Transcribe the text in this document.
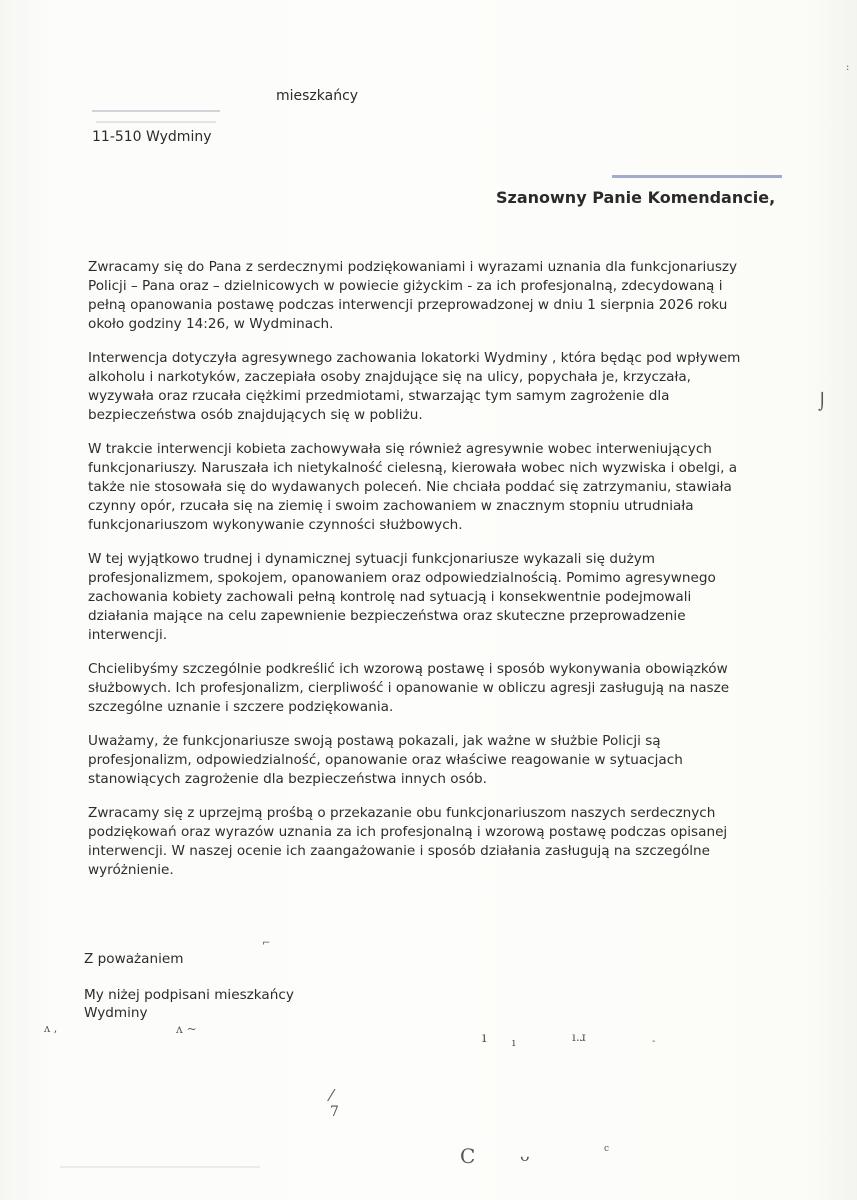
mieszkańcy
11-510 Wydminy
Szanowny Panie Komendancie,

Zwracamy się do Pana z serdecznymi podziękowaniami i wyrazami uznania dla funkcjonariuszy Policji – Pana oraz – dzielnicowych w powiecie giżyckim - za ich profesjonalną, zdecydowaną i pełną opanowania postawę podczas interwencji przeprowadzonej w dniu 1 sierpnia 2026 roku około godziny 14:26, w Wydminach.

Interwencja dotyczyła agresywnego zachowania lokatorki Wydminy , która będąc pod wpływem alkoholu i narkotyków, zaczepiała osoby znajdujące się na ulicy, popychała je, krzyczała, wyzywała oraz rzucała ciężkimi przedmiotami, stwarzając tym samym zagrożenie dla bezpieczeństwa osób znajdujących się w pobliżu.

W trakcie interwencji kobieta zachowywała się również agresywnie wobec interweniujących funkcjonariuszy. Naruszała ich nietykalność cielesną, kierowała wobec nich wyzwiska i obelgi, a także nie stosowała się do wydawanych poleceń. Nie chciała poddać się zatrzymaniu, stawiała czynny opór, rzucała się na ziemię i swoim zachowaniem w znacznym stopniu utrudniała funkcjonariuszom wykonywanie czynności służbowych.

W tej wyjątkowo trudnej i dynamicznej sytuacji funkcjonariusze wykazali się dużym profesjonalizmem, spokojem, opanowaniem oraz odpowiedzialnością. Pomimo agresywnego zachowania kobiety zachowali pełną kontrolę nad sytuacją i konsekwentnie podejmowali działania mające na celu zapewnienie bezpieczeństwa oraz skuteczne przeprowadzenie interwencji.

Chcielibyśmy szczególnie podkreślić ich wzorową postawę i sposób wykonywania obowiązków służbowych. Ich profesjonalizm, cierpliwość i opanowanie w obliczu agresji zasługują na nasze szczególne uznanie i szczere podziękowania.

Uważamy, że funkcjonariusze swoją postawą pokazali, jak ważne w służbie Policji są profesjonalizm, odpowiedzialność, opanowanie oraz właściwe reagowanie w sytuacjach stanowiących zagrożenie dla bezpieczeństwa innych osób.

Zwracamy się z uprzejmą prośbą o przekazanie obu funkcjonariuszom naszych serdecznych podziękowań oraz wyrazów uznania za ich profesjonalną i wzorową postawę podczas opisanej interwencji. W naszej ocenie ich zaangażowanie i sposób działania zasługują na szczególne wyróżnienie.

Z poważaniem
My niżej podpisani mieszkańcy
Wydminy
ʌ ,	ʌ ~
ı ı	ı.ɹ	-
⁄
7
C	ᴗ	c
⌐
:
⌡
